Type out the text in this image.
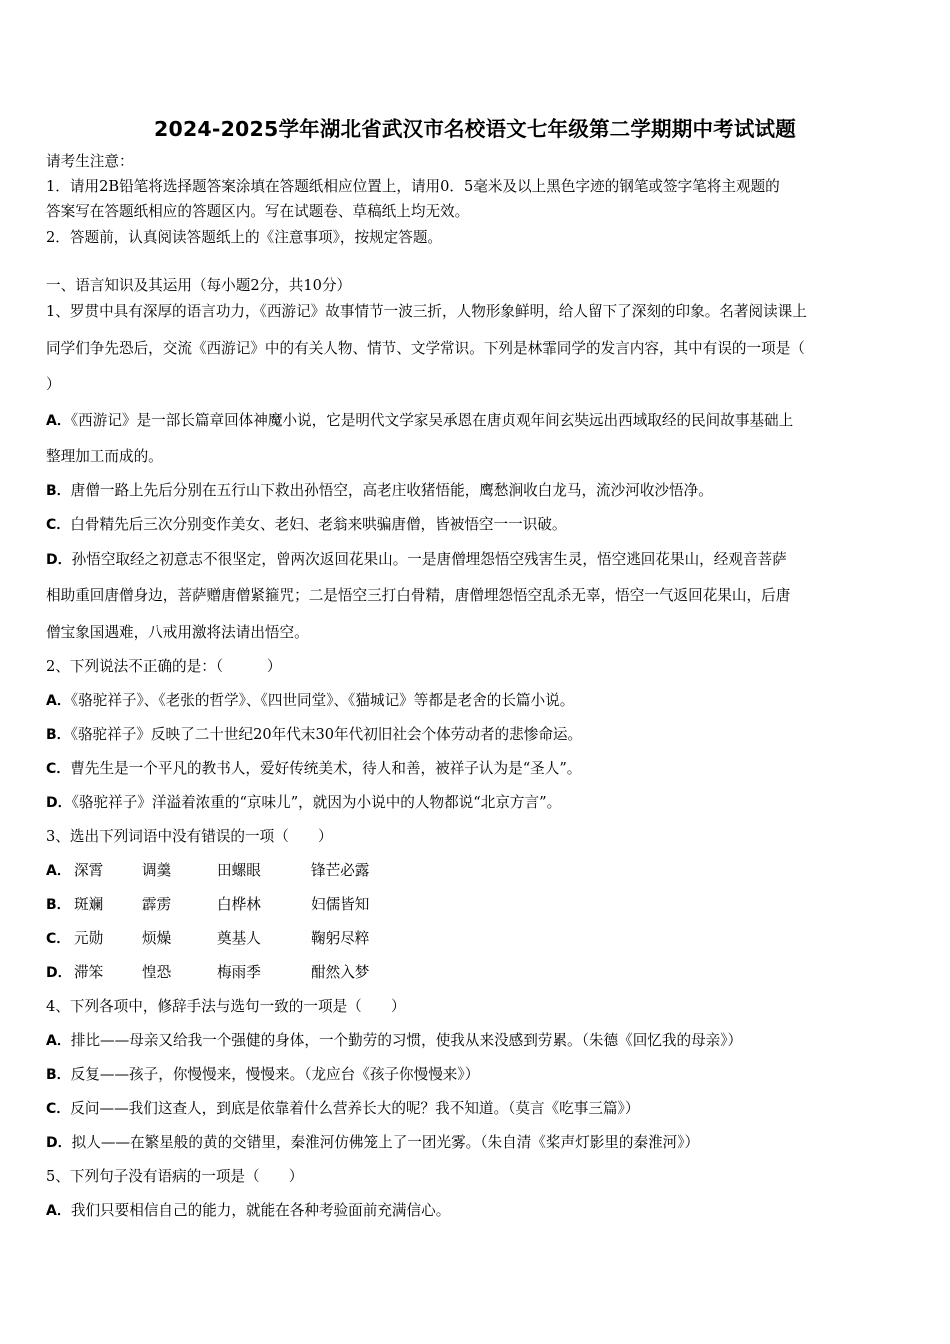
2024-2025学年湖北省武汉市名校语文七年级第二学期期中考试试题
请考生注意：
1．请用2B铅笔将选择题答案涂填在答题纸相应位置上，请用0．5毫米及以上黑色字迹的钢笔或签字笔将主观题的
答案写在答题纸相应的答题区内。写在试题卷、草稿纸上均无效。
2．答题前，认真阅读答题纸上的《注意事项》，按规定答题。
一、语言知识及其运用（每小题2分，共10分）
1、罗贯中具有深厚的语言功力，《西游记》故事情节一波三折，人物形象鲜明，给人留下了深刻的印象。名著阅读课上
同学们争先恐后，交流《西游记》中的有关人物、情节、文学常识。下列是林霏同学的发言内容，其中有误的一项是（
）
A．《西游记》是一部长篇章回体神魔小说，它是明代文学家吴承恩在唐贞观年间玄奘远出西域取经的民间故事基础上
整理加工而成的。
B．唐僧一路上先后分别在五行山下救出孙悟空，高老庄收猪悟能，鹰愁涧收白龙马，流沙河收沙悟净。
C．白骨精先后三次分别变作美女、老妇、老翁来哄骗唐僧，皆被悟空一一识破。
D．孙悟空取经之初意志不很坚定，曾两次返回花果山。一是唐僧埋怨悟空残害生灵，悟空逃回花果山，经观音菩萨
相助重回唐僧身边，菩萨赠唐僧紧箍咒；二是悟空三打白骨精，唐僧埋怨悟空乱杀无辜，悟空一气返回花果山，后唐
僧宝象国遇难，八戒用激将法请出悟空。
2、下列说法不正确的是：（　　　）
A．《骆驼祥子》、《老张的哲学》、《四世同堂》、《猫城记》等都是老舍的长篇小说。
B．《骆驼祥子》反映了二十世纪20年代末30年代初旧社会个体劳动者的悲惨命运。
C．曹先生是一个平凡的教书人，爱好传统美术，待人和善，被祥子认为是“圣人”。
D．《骆驼祥子》洋溢着浓重的“京味儿”，就因为小说中的人物都说“北京方言”。
3、选出下列词语中没有错误的一项（　　）
A． 深霄	调羹	田螺眼	锋芒必露
B． 斑斓	霹雳	白桦林	妇儒皆知
C． 元勋	烦燥	奠基人	鞠躬尽粹
D． 滞笨	惶恐	梅雨季	酣然入梦
4、下列各项中，修辞手法与选句一致的一项是（　　）
A．排比——母亲又给我一个强健的身体，一个勤劳的习惯，使我从来没感到劳累。（朱德《回忆我的母亲》）
B．反复——孩子，你慢慢来，慢慢来。（龙应台《孩子你慢慢来》）
C．反问——我们这查人，到底是依靠着什么营养长大的呢？我不知道。（莫言《吃事三篇》）
D．拟人——在繁星般的黄的交错里，秦淮河仿佛笼上了一团光雾。（朱自清《桨声灯影里的秦淮河》）
5、下列句子没有语病的一项是（　　）
A．我们只要相信自己的能力，就能在各种考验面前充满信心。
